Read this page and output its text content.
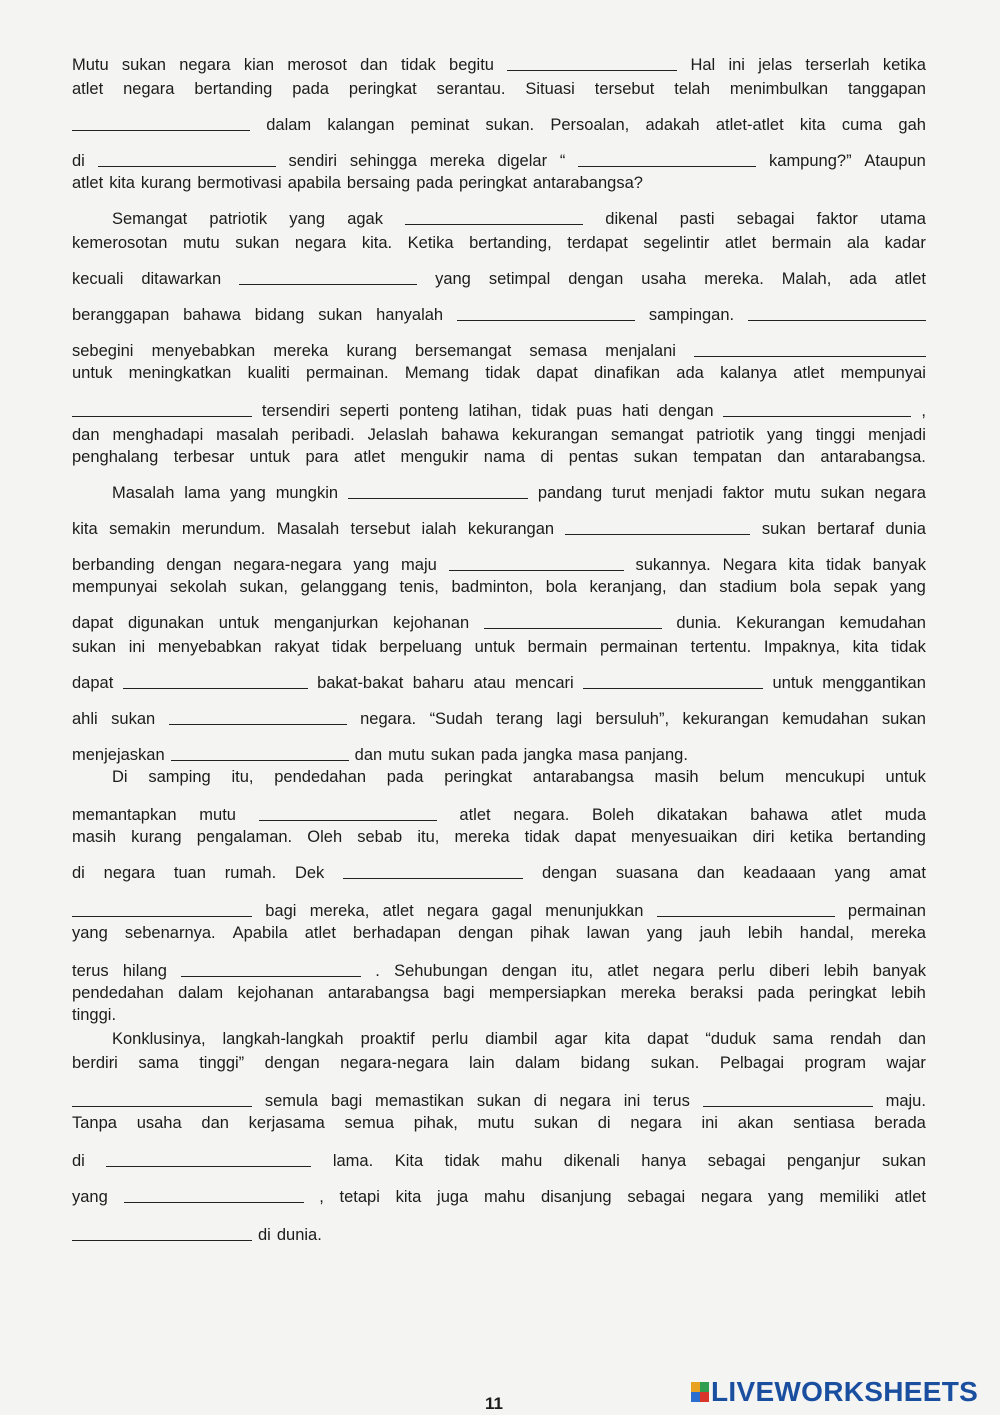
Mutu sukan negara kian merosot dan tidak begitu	Hal ini jelas terserlah ketika
atlet negara bertanding pada peringkat serantau. Situasi tersebut telah menimbulkan tanggapan
dalam kalangan peminat sukan. Persoalan, adakah atlet-atlet kita cuma gah
di	sendiri sehingga mereka digelar “	kampung?” Ataupun
atlet kita kurang bermotivasi apabila bersaing pada peringkat antarabangsa?
Semangat patriotik yang agak	dikenal pasti sebagai faktor utama
kemerosotan mutu sukan negara kita. Ketika bertanding, terdapat segelintir atlet bermain ala kadar
kecuali ditawarkan	yang setimpal dengan usaha mereka. Malah, ada atlet
beranggapan bahawa bidang sukan hanyalah	sampingan.
sebegini menyebabkan mereka kurang bersemangat semasa menjalani
untuk meningkatkan kualiti permainan. Memang tidak dapat dinafikan ada kalanya atlet mempunyai
tersendiri seperti ponteng latihan, tidak puas hati dengan	,
dan menghadapi masalah peribadi. Jelaslah bahawa kekurangan semangat patriotik yang tinggi menjadi
penghalang terbesar untuk para atlet mengukir nama di pentas sukan tempatan dan antarabangsa.
Masalah lama yang mungkin	pandang turut menjadi faktor mutu sukan negara
kita semakin merundum. Masalah tersebut ialah kekurangan	sukan bertaraf dunia
berbanding dengan negara-negara yang maju	sukannya. Negara kita tidak banyak
mempunyai sekolah sukan, gelanggang tenis, badminton, bola keranjang, dan stadium bola sepak yang
dapat digunakan untuk menganjurkan kejohanan	dunia. Kekurangan kemudahan
sukan ini menyebabkan rakyat tidak berpeluang untuk bermain permainan tertentu. Impaknya, kita tidak
dapat	bakat-bakat baharu atau mencari	untuk menggantikan
ahli sukan	negara. “Sudah terang lagi bersuluh”, kekurangan kemudahan sukan
menjejaskan	dan mutu sukan pada jangka masa panjang.
Di samping itu, pendedahan pada peringkat antarabangsa masih belum mencukupi untuk
memantapkan mutu	atlet negara. Boleh dikatakan bahawa atlet muda
masih kurang pengalaman. Oleh sebab itu, mereka tidak dapat menyesuaikan diri ketika bertanding
di negara tuan rumah. Dek	dengan suasana dan keadaaan yang amat
bagi mereka, atlet negara gagal menunjukkan	permainan
yang sebenarnya. Apabila atlet berhadapan dengan pihak lawan yang jauh lebih handal, mereka
terus hilang	. Sehubungan dengan itu, atlet negara perlu diberi lebih banyak
pendedahan dalam kejohanan antarabangsa bagi mempersiapkan mereka beraksi pada peringkat lebih
tinggi.
Konklusinya, langkah-langkah proaktif perlu diambil agar kita dapat “duduk sama rendah dan
berdiri sama tinggi” dengan negara-negara lain dalam bidang sukan. Pelbagai program wajar
semula bagi memastikan sukan di negara ini terus	maju.
Tanpa usaha dan kerjasama semua pihak, mutu sukan di negara ini akan sentiasa berada
di	lama. Kita tidak mahu dikenali hanya sebagai penganjur sukan
yang	, tetapi kita juga mahu disanjung sebagai negara yang memiliki atlet
di dunia.
11	LIVEWORKSHEETS
